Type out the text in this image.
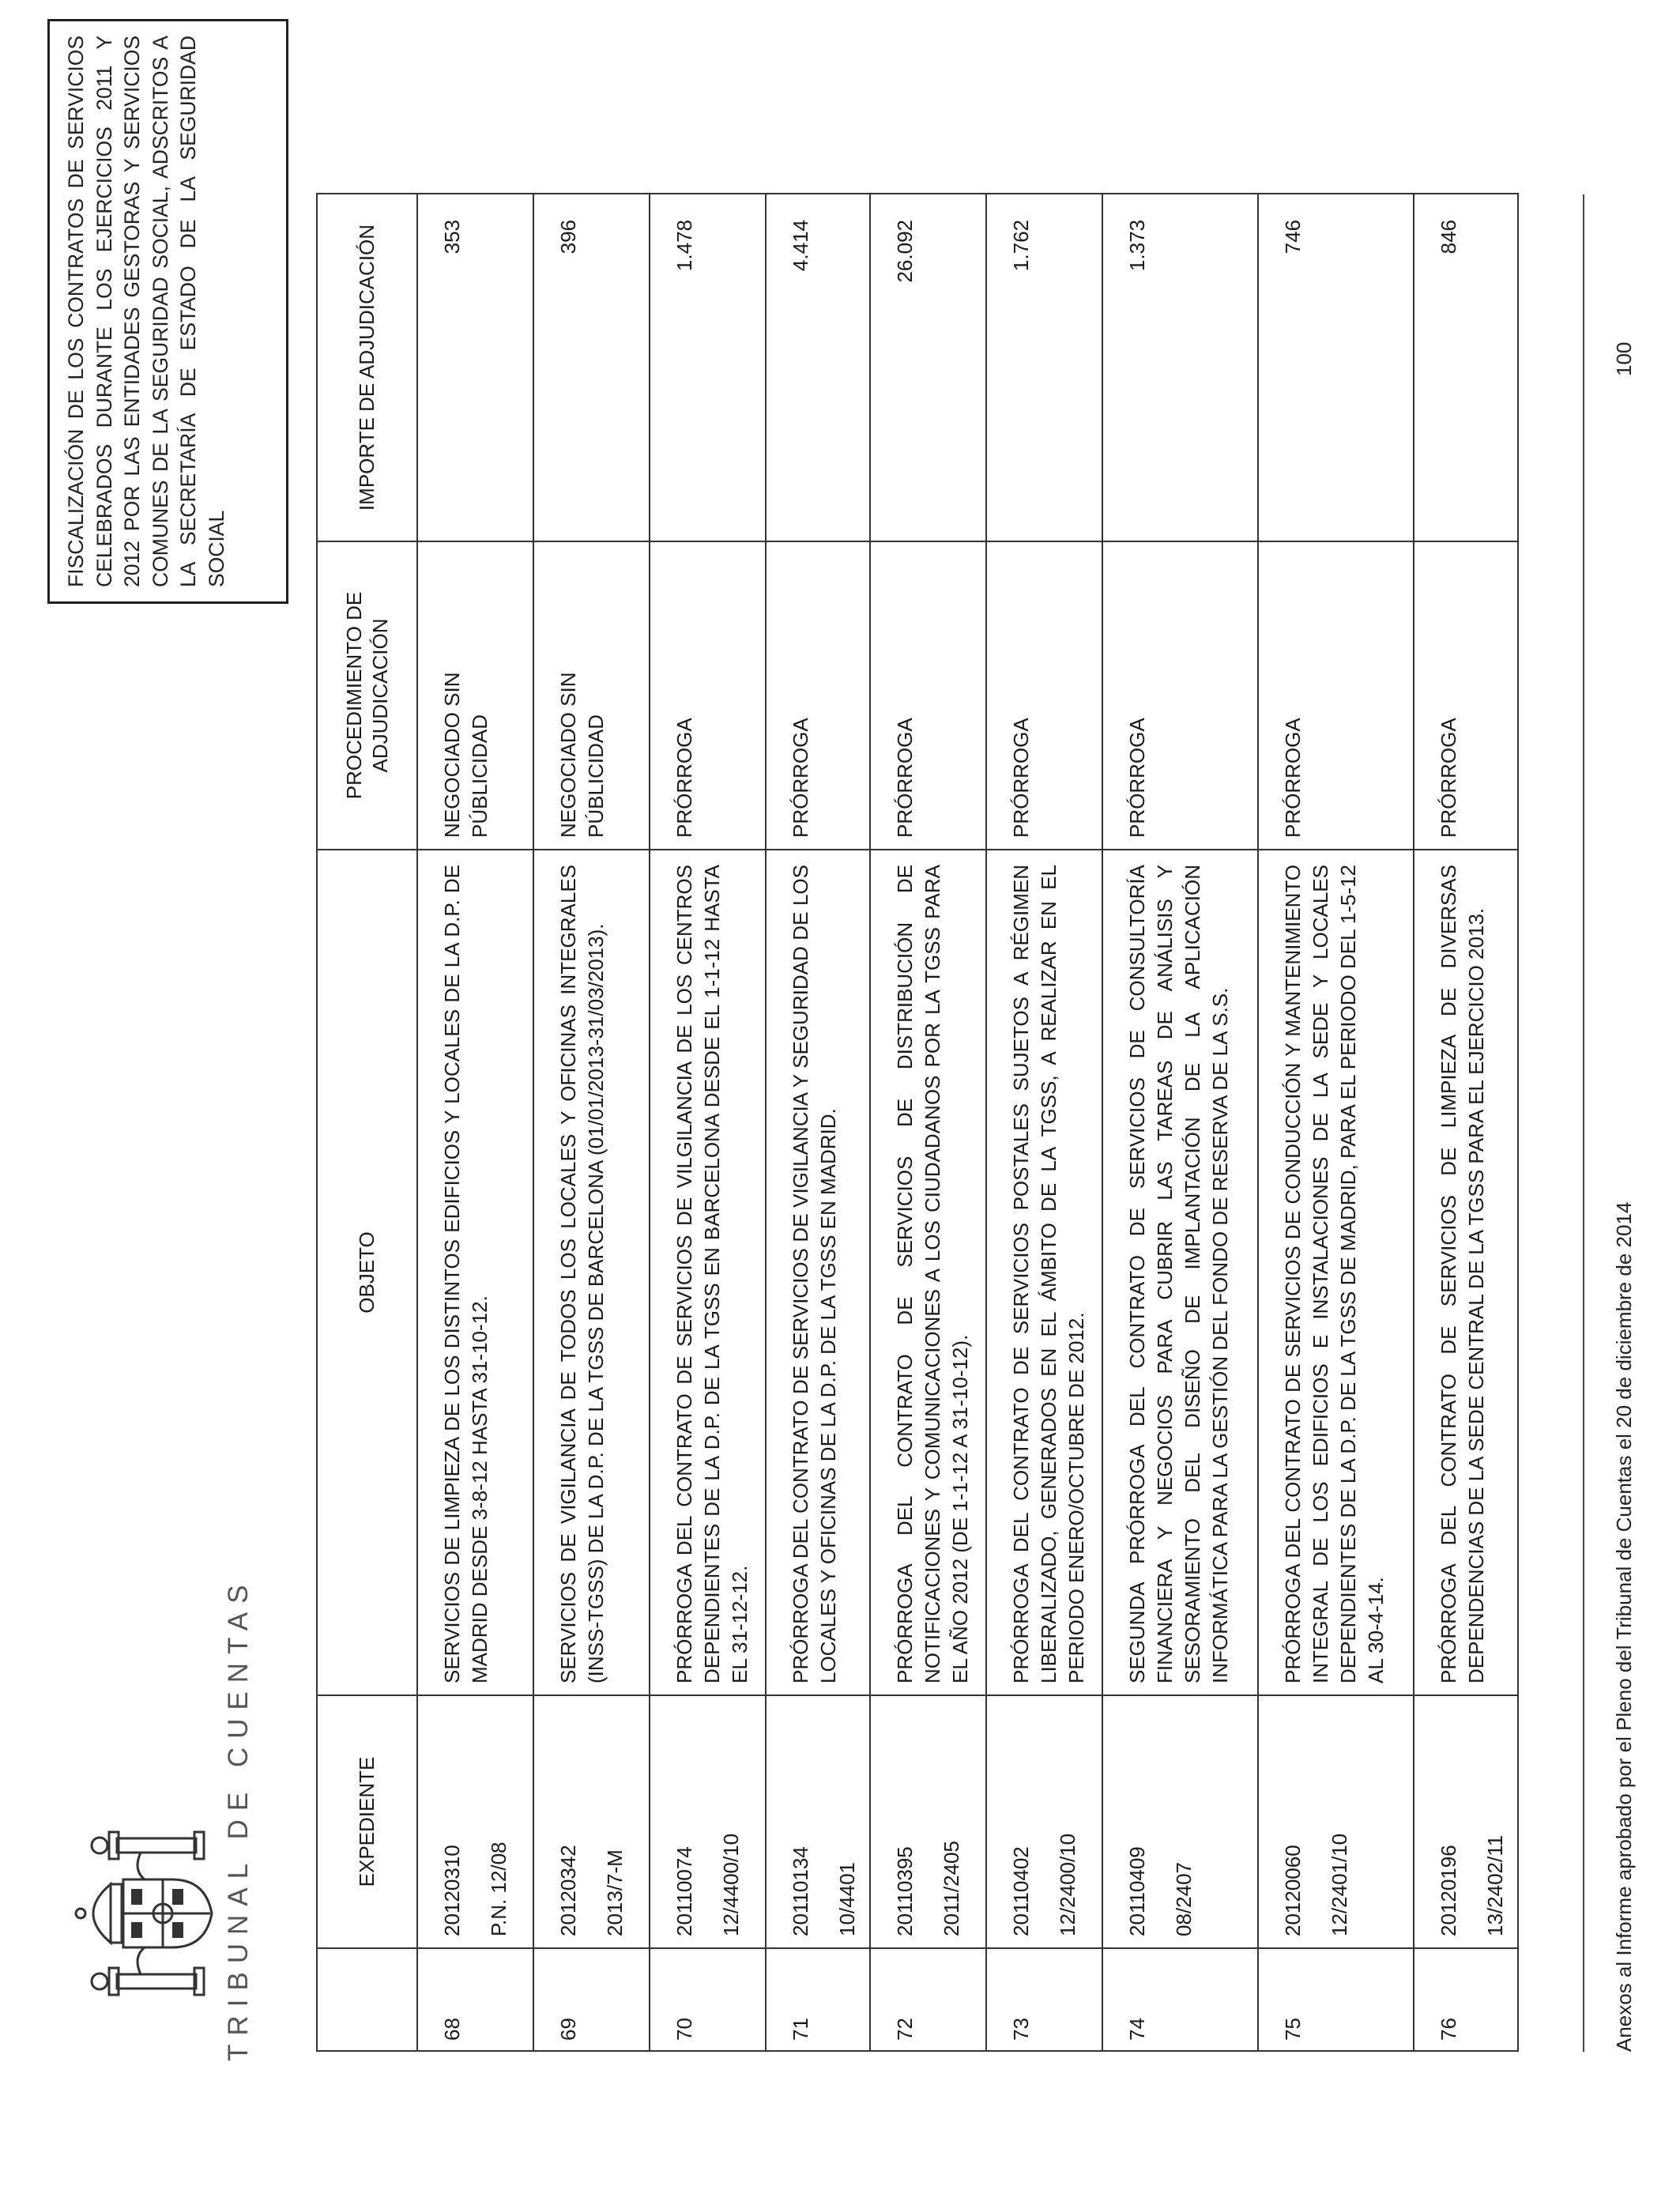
TRIBUNAL DE CUENTAS

FISCALIZACIÓN DE LOS CONTRATOS DE SERVICIOS CELEBRADOS DURANTE LOS EJERCICIOS 2011 Y 2012 POR LAS ENTIDADES GESTORAS Y SERVICIOS COMUNES DE LA SEGURIDAD SOCIAL, ADSCRITOS A LA SECRETARÍA DE ESTADO DE LA SEGURIDAD SOCIAL

	EXPEDIENTE	OBJETO	PROCEDIMIENTO DE ADJUDICACIÓN	IMPORTE DE ADJUDICACIÓN
68	20120310 P.N. 12/08	SERVICIOS DE LIMPIEZA DE LOS DISTINTOS EDIFICIOS Y LOCALES DE LA D.P. DE MADRID DESDE 3-8-12 HASTA 31-10-12.	NEGOCIADO SIN PÚBLICIDAD	353
69	20120342 2013/7-M	SERVICIOS DE VIGILANCIA DE TODOS LOS LOCALES Y OFICINAS INTEGRALES (INSS-TGSS) DE LA D.P. DE LA TGSS DE BARCELONA (01/01/2013-31/03/2013).	NEGOCIADO SIN PÚBLICIDAD	396
70	20110074 12/4400/10	PRÓRROGA DEL CONTRATO DE SERVICIOS DE VILGILANCIA DE LOS CENTROS DEPENDIENTES DE LA D.P. DE LA TGSS EN BARCELONA DESDE EL 1-1-12 HASTA EL 31-12-12.	PRÓRROGA	1.478
71	20110134 10/4401	PRÓRROGA DEL CONTRATO DE SERVICIOS DE VIGILANCIA Y SEGURIDAD DE LOS LOCALES Y OFICINAS DE LA D.P. DE LA TGSS EN MADRID.	PRÓRROGA	4.414
72	20110395 2011/2405	PRÓRROGA DEL CONTRATO DE SERVICIOS DE DISTRIBUCIÓN DE NOTIFICACIONES Y COMUNICACIONES A LOS CIUDADANOS POR LA TGSS PARA EL AÑO 2012 (DE 1-1-12 A 31-10-12).	PRÓRROGA	26.092
73	20110402 12/2400/10	PRÓRROGA DEL CONTRATO DE SERVICIOS POSTALES SUJETOS A RÉGIMEN LIBERALIZADO, GENERADOS EN EL ÁMBITO DE LA TGSS, A REALIZAR EN EL PERIODO ENERO/OCTUBRE DE 2012.	PRÓRROGA	1.762
74	20110409 08/2407	SEGUNDA PRÓRROGA DEL CONTRATO DE SERVICIOS DE CONSULTORÍA FINANCIERA Y NEGOCIOS PARA CUBRIR LAS TAREAS DE ANÁLISIS Y SESORAMIENTO DEL DISEÑO DE IMPLANTACIÓN DE LA APLICACIÓN INFORMÁTICA PARA LA GESTIÓN DEL FONDO DE RESERVA DE LA S.S.	PRÓRROGA	1.373
75	20120060 12/2401/10	PRÓRROGA DEL CONTRATO DE SERVICIOS DE CONDUCCIÓN Y MANTENIMIENTO INTEGRAL DE LOS EDIFICIOS E INSTALACIONES DE LA SEDE Y LOCALES DEPENDIENTES DE LA D.P. DE LA TGSS DE MADRID, PARA EL PERIODO DEL 1-5-12 AL 30-4-14.	PRÓRROGA	746
76	20120196 13/2402/11	PRÓRROGA DEL CONTRATO DE SERVICIOS DE LIMPIEZA DE DIVERSAS DEPENDENCIAS DE LA SEDE CENTRAL DE LA TGSS PARA EL EJERCICIO 2013.	PRÓRROGA	846
Anexos al Informe aprobado por el Pleno del Tribunal de Cuentas el 20 de diciembre de 2014
100
